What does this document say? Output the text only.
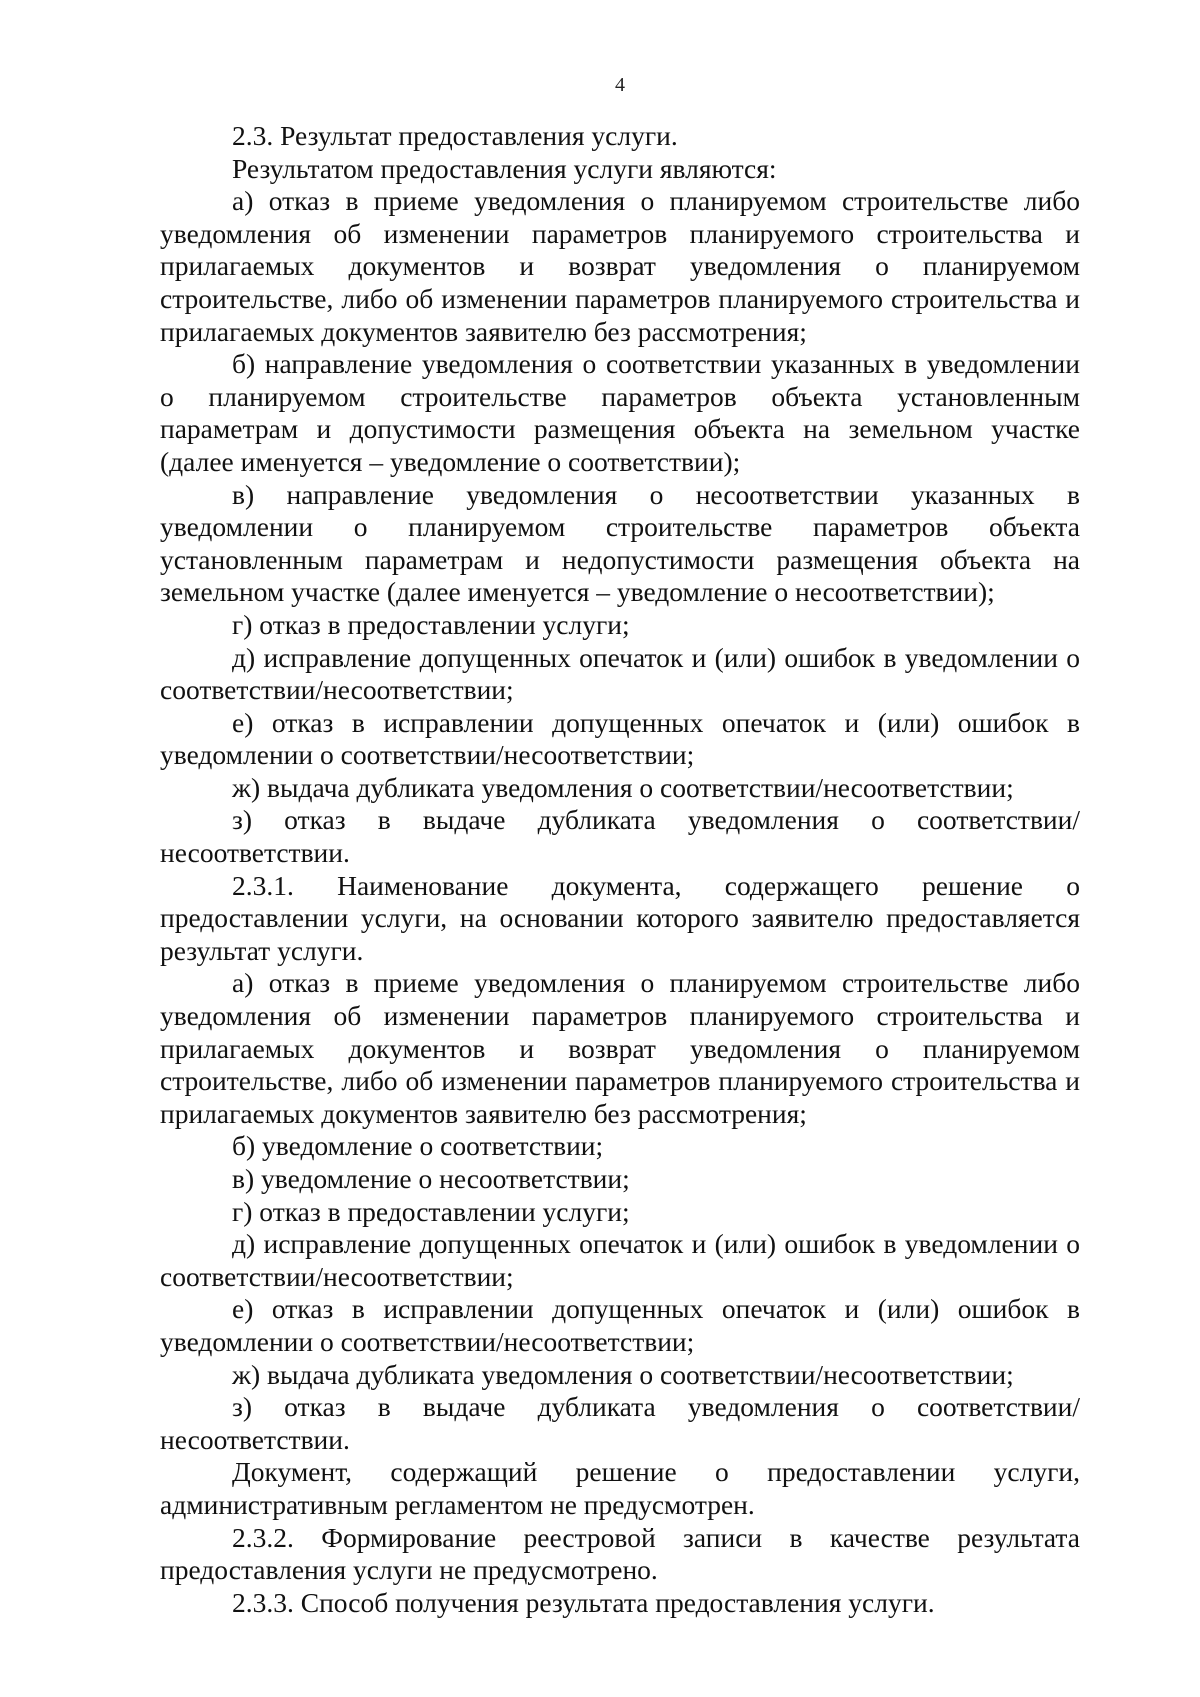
4

2.3. Результат предоставления услуги.

Результатом предоставления услуги являются:

а) отказ в приеме уведомления о планируемом строительстве либо уведомления об изменении параметров планируемого строительства и прилагаемых документов и возврат уведомления о планируемом строительстве, либо об изменении параметров планируемого строительства и прилагаемых документов заявителю без рассмотрения;

б) направление уведомления о соответствии указанных в уведомлении о планируемом строительстве параметров объекта установленным параметрам и допустимости размещения объекта на земельном участке (далее именуется – уведомление о соответствии);

в) направление уведомления о несоответствии указанных в уведомлении о планируемом строительстве параметров объекта установленным параметрам и недопустимости размещения объекта на земельном участке (далее именуется – уведомление о несоответствии);

г) отказ в предоставлении услуги;

д) исправление допущенных опечаток и (или) ошибок в уведомлении о соответствии/несоответствии;

е) отказ в исправлении допущенных опечаток и (или) ошибок в уведомлении о соответствии/несоответствии;

ж) выдача дубликата уведомления о соответствии/несоответствии;

з) отказ в выдаче дубликата уведомления о соответствии/несоответствии.

2.3.1. Наименование документа, содержащего решение о предоставлении услуги, на основании которого заявителю предоставляется результат услуги.

а) отказ в приеме уведомления о планируемом строительстве либо уведомления об изменении параметров планируемого строительства и прилагаемых документов и возврат уведомления о планируемом строительстве, либо об изменении параметров планируемого строительства и прилагаемых документов заявителю без рассмотрения;

б) уведомление о соответствии;

в) уведомление о несоответствии;

г) отказ в предоставлении услуги;

д) исправление допущенных опечаток и (или) ошибок в уведомлении о соответствии/несоответствии;

е) отказ в исправлении допущенных опечаток и (или) ошибок в уведомлении о соответствии/несоответствии;

ж) выдача дубликата уведомления о соответствии/несоответствии;

з) отказ в выдаче дубликата уведомления о соответствии/несоответствии.

Документ, содержащий решение о предоставлении услуги, административным регламентом не предусмотрен.

2.3.2. Формирование реестровой записи в качестве результата предоставления услуги не предусмотрено.

2.3.3. Способ получения результата предоставления услуги.
